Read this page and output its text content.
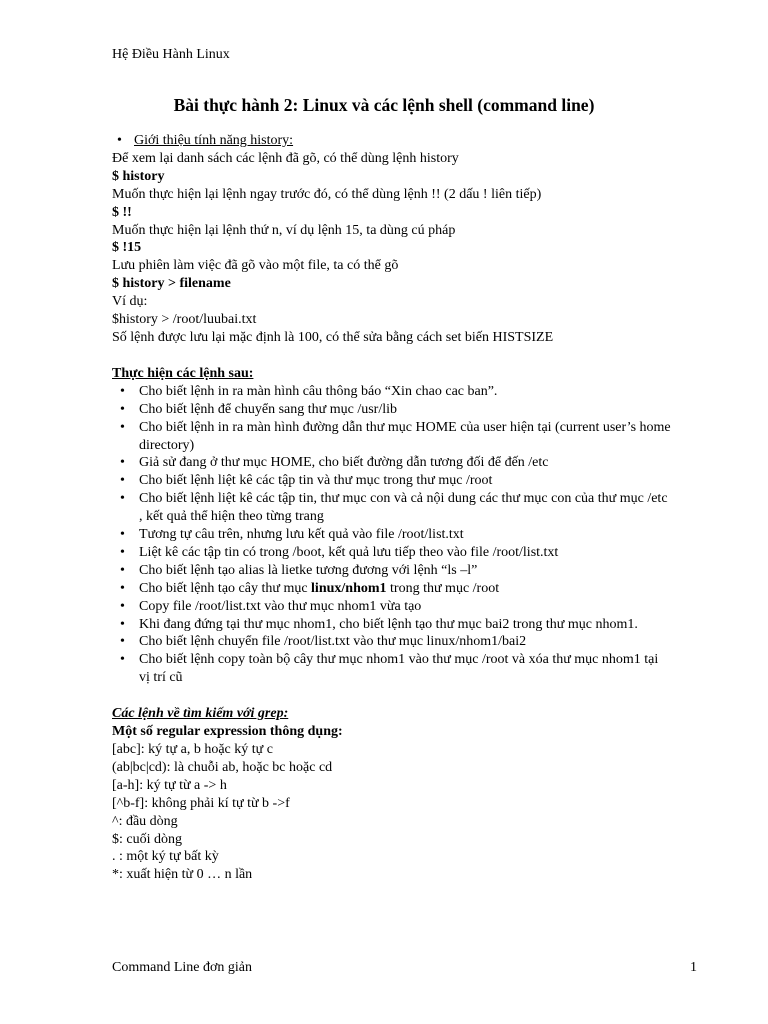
Hệ Điều Hành Linux
Bài thực hành 2: Linux và các lệnh shell (command line)
• Giới thiệu tính năng history:
Để xem lại danh sách các lệnh đã gõ, có thể dùng lệnh history
$ history
Muốn thực hiện lại lệnh ngay trước đó, có thể dùng lệnh !! (2 dấu ! liên tiếp)
$ !!
Muốn thực hiện lại lệnh thứ n, ví dụ lệnh 15, ta dùng cú pháp
$ !15
Lưu phiên làm việc đã gõ vào một file, ta có thể gõ
$ history > filename
Ví dụ:
$history > /root/luubai.txt
Số lệnh được lưu lại mặc định là 100, có thể sửa bằng cách set biến HISTSIZE
Thực hiện các lệnh sau:
• Cho biết lệnh in ra màn hình câu thông báo “Xin chao cac ban”.
• Cho biết lệnh để chuyển sang thư mục /usr/lib
• Cho biết lệnh in ra màn hình đường dẫn thư mục HOME của user hiện tại (current user’s home directory)
• Giả sử đang ở thư mục HOME, cho biết đường dẫn tương đối để đến /etc
• Cho biết lệnh liệt kê các tập tin và thư mục trong thư mục /root
• Cho biết lệnh liệt kê các tập tin, thư mục con và cả nội dung các thư mục con của thư mục /etc , kết quả thể hiện theo từng trang
• Tương tự câu trên, nhưng lưu kết quả vào file /root/list.txt
• Liệt kê các tập tin có trong /boot, kết quả lưu tiếp theo vào file /root/list.txt
• Cho biết lệnh tạo alias là lietke tương đương với lệnh “ls –l”
• Cho biết lệnh tạo cây thư mục linux/nhom1 trong thư mục /root
• Copy file /root/list.txt vào thư mục nhom1 vừa tạo
• Khi đang đứng tại thư mục nhom1, cho biết lệnh tạo thư mục bai2 trong thư mục nhom1.
• Cho biết lệnh chuyển file /root/list.txt vào thư mục linux/nhom1/bai2
• Cho biết lệnh copy toàn bộ cây thư mục nhom1 vào thư mục /root và xóa thư mục nhom1 tại vị trí cũ
Các lệnh về tìm kiếm với grep:
Một số regular expression thông dụng:
[abc]: ký tự a, b hoặc ký tự c
(ab|bc|cd): là chuỗi ab, hoặc bc hoặc cd
[a-h]: ký tự từ a -> h
[^b-f]: không phải kí tự từ b ->f
^: đầu dòng
$: cuối dòng
. : một ký tự bất kỳ
*: xuất hiện từ 0 … n lần
Command Line đơn giản	1
